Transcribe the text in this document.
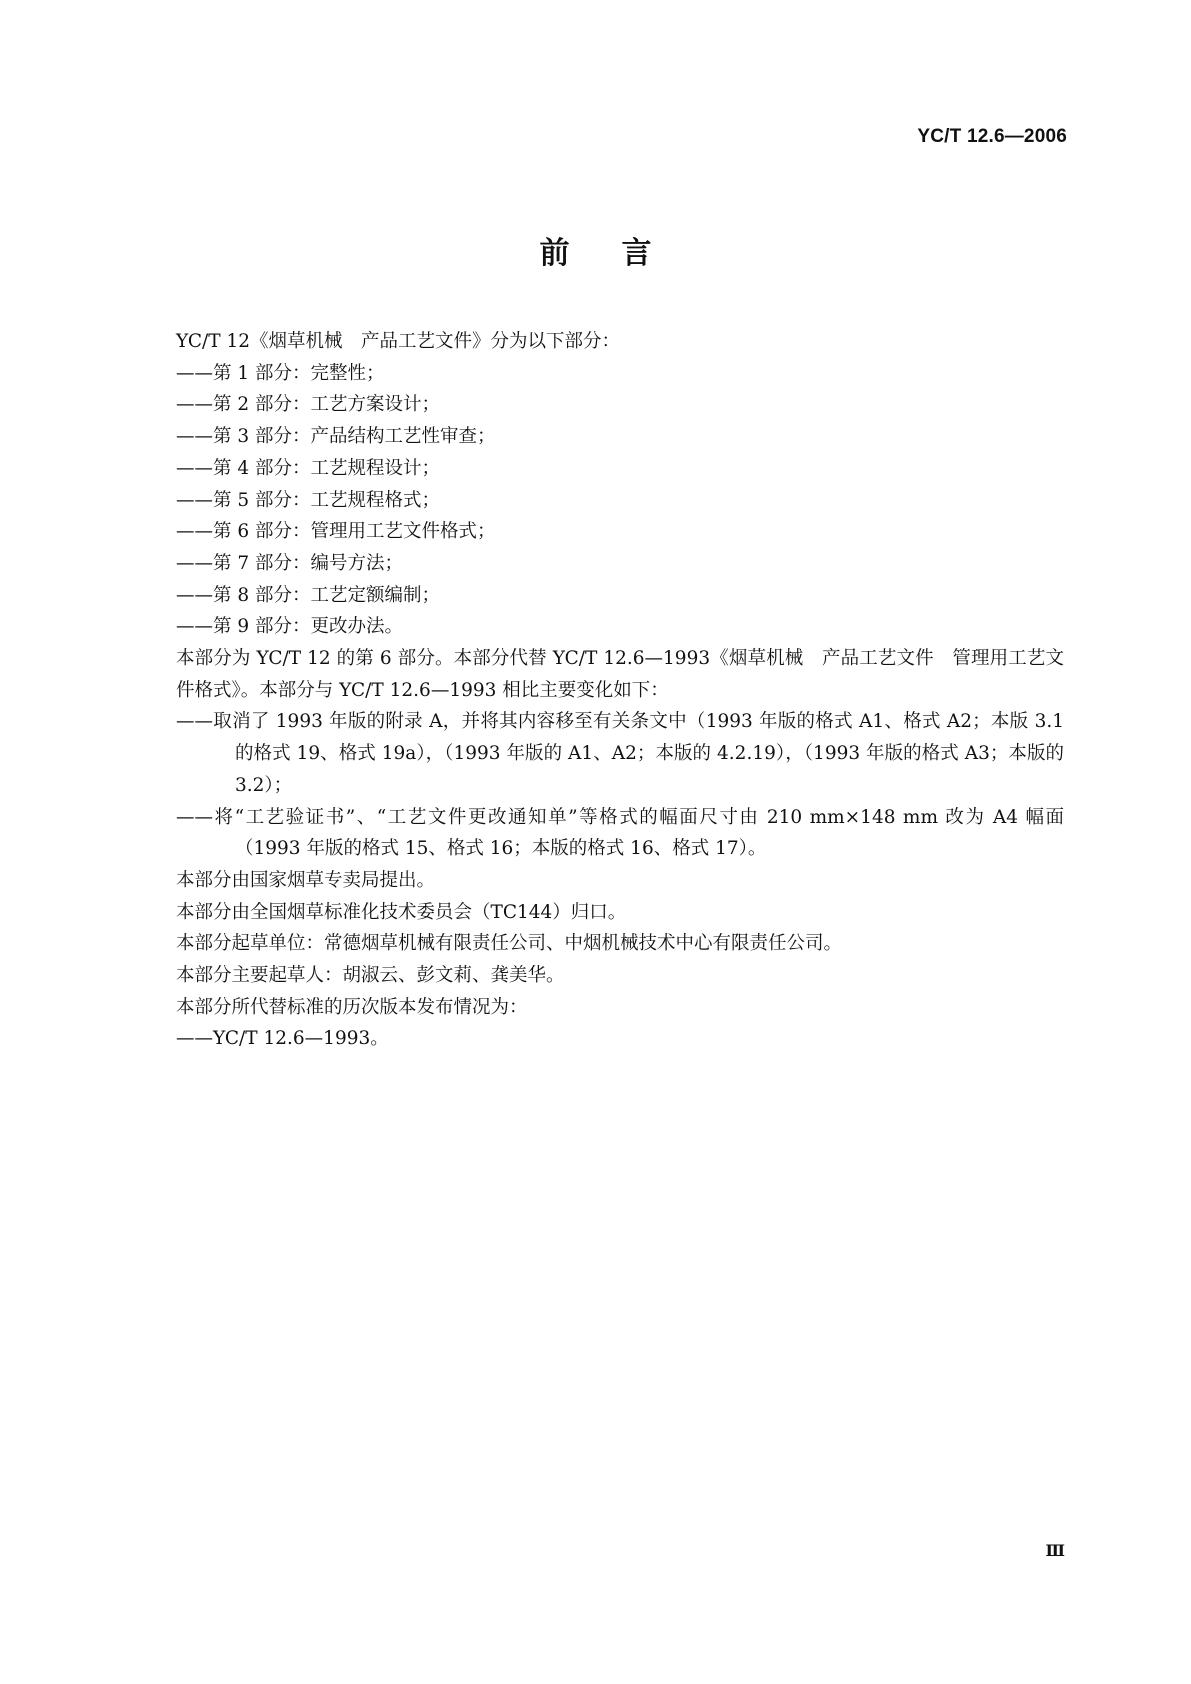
YC/T 12.6—2006
前言

YC/T 12《烟草机械　产品工艺文件》分为以下部分：

——第 1 部分：完整性；

——第 2 部分：工艺方案设计；

——第 3 部分：产品结构工艺性审查；

——第 4 部分：工艺规程设计；

——第 5 部分：工艺规程格式；

——第 6 部分：管理用工艺文件格式；

——第 7 部分：编号方法；

——第 8 部分：工艺定额编制；

——第 9 部分：更改办法。

本部分为 YC/T 12 的第 6 部分。本部分代替 YC/T 12.6—1993《烟草机械　产品工艺文件　管理用工艺文件格式》。本部分与 YC/T 12.6—1993 相比主要变化如下：

——取消了 1993 年版的附录 A，并将其内容移至有关条文中（1993 年版的格式 A1、格式 A2；本版 3.1 的格式 19、格式 19a），（1993 年版的 A1、A2；本版的 4.2.19），（1993 年版的格式 A3；本版的 3.2）；

——将“工艺验证书”、“工艺文件更改通知单”等格式的幅面尺寸由 210 mm×148 mm 改为 A4 幅面（1993 年版的格式 15、格式 16；本版的格式 16、格式 17）。

本部分由国家烟草专卖局提出。

本部分由全国烟草标准化技术委员会（TC144）归口。

本部分起草单位：常德烟草机械有限责任公司、中烟机械技术中心有限责任公司。

本部分主要起草人：胡淑云、彭文莉、龚美华。

本部分所代替标准的历次版本发布情况为：

——YC/T 12.6—1993。

Ⅲ
